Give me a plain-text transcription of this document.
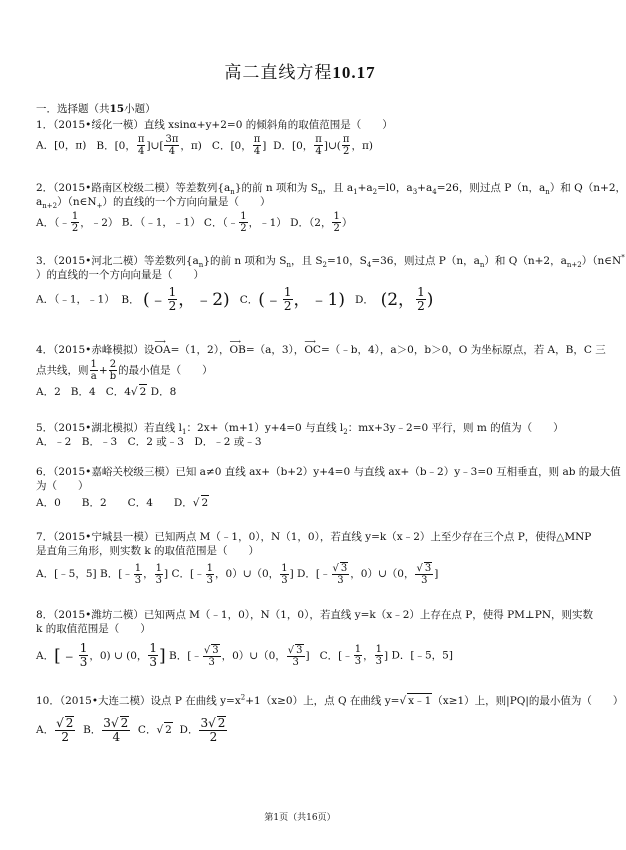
高二直线方程10.17
一．选择题（共15小题）
1．（2015•绥化一模）直线 xsinα+y+2=0 的倾斜角的取值范围是（　　）
A．[0，π) B．[0， $\frac{\pi}{4}$ ]∪[ $\frac{3\pi}{4}$ ，π) C．[0， $\frac{\pi}{4}$ ] D．[0， $\frac{\pi}{4}$ ]∪( $\frac{\pi}{2}$ ，π)
2．（2015•路南区校级二模）等差数列$\{a_n\}$的前 n 项和为 $S_n$，且 $a_1+a_2=l0$，$a_3+a_4=26$，则过点 P（n，$a_n$）和 Q（n+2，
$a_{n+2})(n\in N_+)$的直线的一个方向向量是（　　）
A．（﹣ $\frac{1}{2}$ ，﹣2） B．（﹣1，﹣1） C．（﹣ $\frac{1}{2}$ ，﹣1） D．（2， $\frac{1}{2}$ ）
3．（2015•河北二模）等差数列$\{a_n\}$的前 n 项和为 $S_n$，且 $S_2=10$，$S_4=36$，则过点 P（n，$a_n$）和 Q（n+2，$a_{n+2})(n\in N^*$
）的直线的一个方向向量是（　　）
A．（﹣1，﹣1） B． (﹣ $\frac{1}{2}$ ，﹣2) C．(﹣ $\frac{1}{2}$ ，﹣1) D． (2， $\frac{1}{2}$ )
4．（2015•赤峰模拟）设⟶ OA=（1，2），⟶ OB=（a，3），⟶ OC=（﹣b，4），a＞0，b＞0，O 为坐标原点，若 A，B，C 三
点共线，则 $\frac{1}{a} + \frac{2}{b}$ 的最小值是（　　）
A．2 B．4 C．4 √ 2 D．8
5．（2015•湖北模拟）若直线 $l_1$：2x+（m+1）y+4=0 与直线 $l_2$：mx+3y﹣2=0 平行，则 m 的值为（　　）
A．﹣2　B．﹣3　C．2 或﹣3　D．﹣2 或﹣3
6．（2015•嘉峪关校级三模）已知 a≠0 直线 ax+（b+2）y+4=0 与直线 ax+（b﹣2）y﹣3=0 互相垂直，则 ab 的最大值
为（　　）
A．0　　B．2　　C．4　　D． √ 2
7．（2015•宁城县一模）已知两点 M（﹣1，0），N（1，0），若直线 y=k（x﹣2）上至少存在三个点 P，使得△MNP
是直角三角形，则实数 k 的取值范围是（　　）
A．[﹣5，5] B．[﹣ $\frac{1}{3}$ ， $\frac{1}{3}$ ] C．[﹣ $\frac{1}{3}$ ，0）∪（0， $\frac{1}{3}$ ] D．[﹣ √ $\frac{3}{3}$ ，0）∪（0， √ $\frac{3}{3}$ ]
8．（2015•潍坊二模）已知两点 M（﹣1，0），N（1，0），若直线 y=k（x﹣2）上存在点 P，使得 PM⊥PN，则实数
k 的取值范围是（　　）
A．[﹣ $\frac{1}{3}$ ，0) ∪ (0， $\frac{1}{3}$ ] B．[﹣ √ $\frac{3}{3}$ ，0）∪（0， √ $\frac{3}{3}$ ] C．[﹣ $\frac{1}{3}$ ， $\frac{1}{3}$ ] D．[﹣5，5]
10．（2015•大连二模）设点 P 在曲线 $y=x^2+1(x\ge 0)$上，点 Q 在曲线 y= √ x﹣1（x≥1）上，则|PQ|的最小值为（　　）
A． √ $\frac{2}{2}$ B． $\frac{3 √ 2}{4}$ C． √ 2 D． $\frac{3 √ 2}{2}$
第1页（共16页）
